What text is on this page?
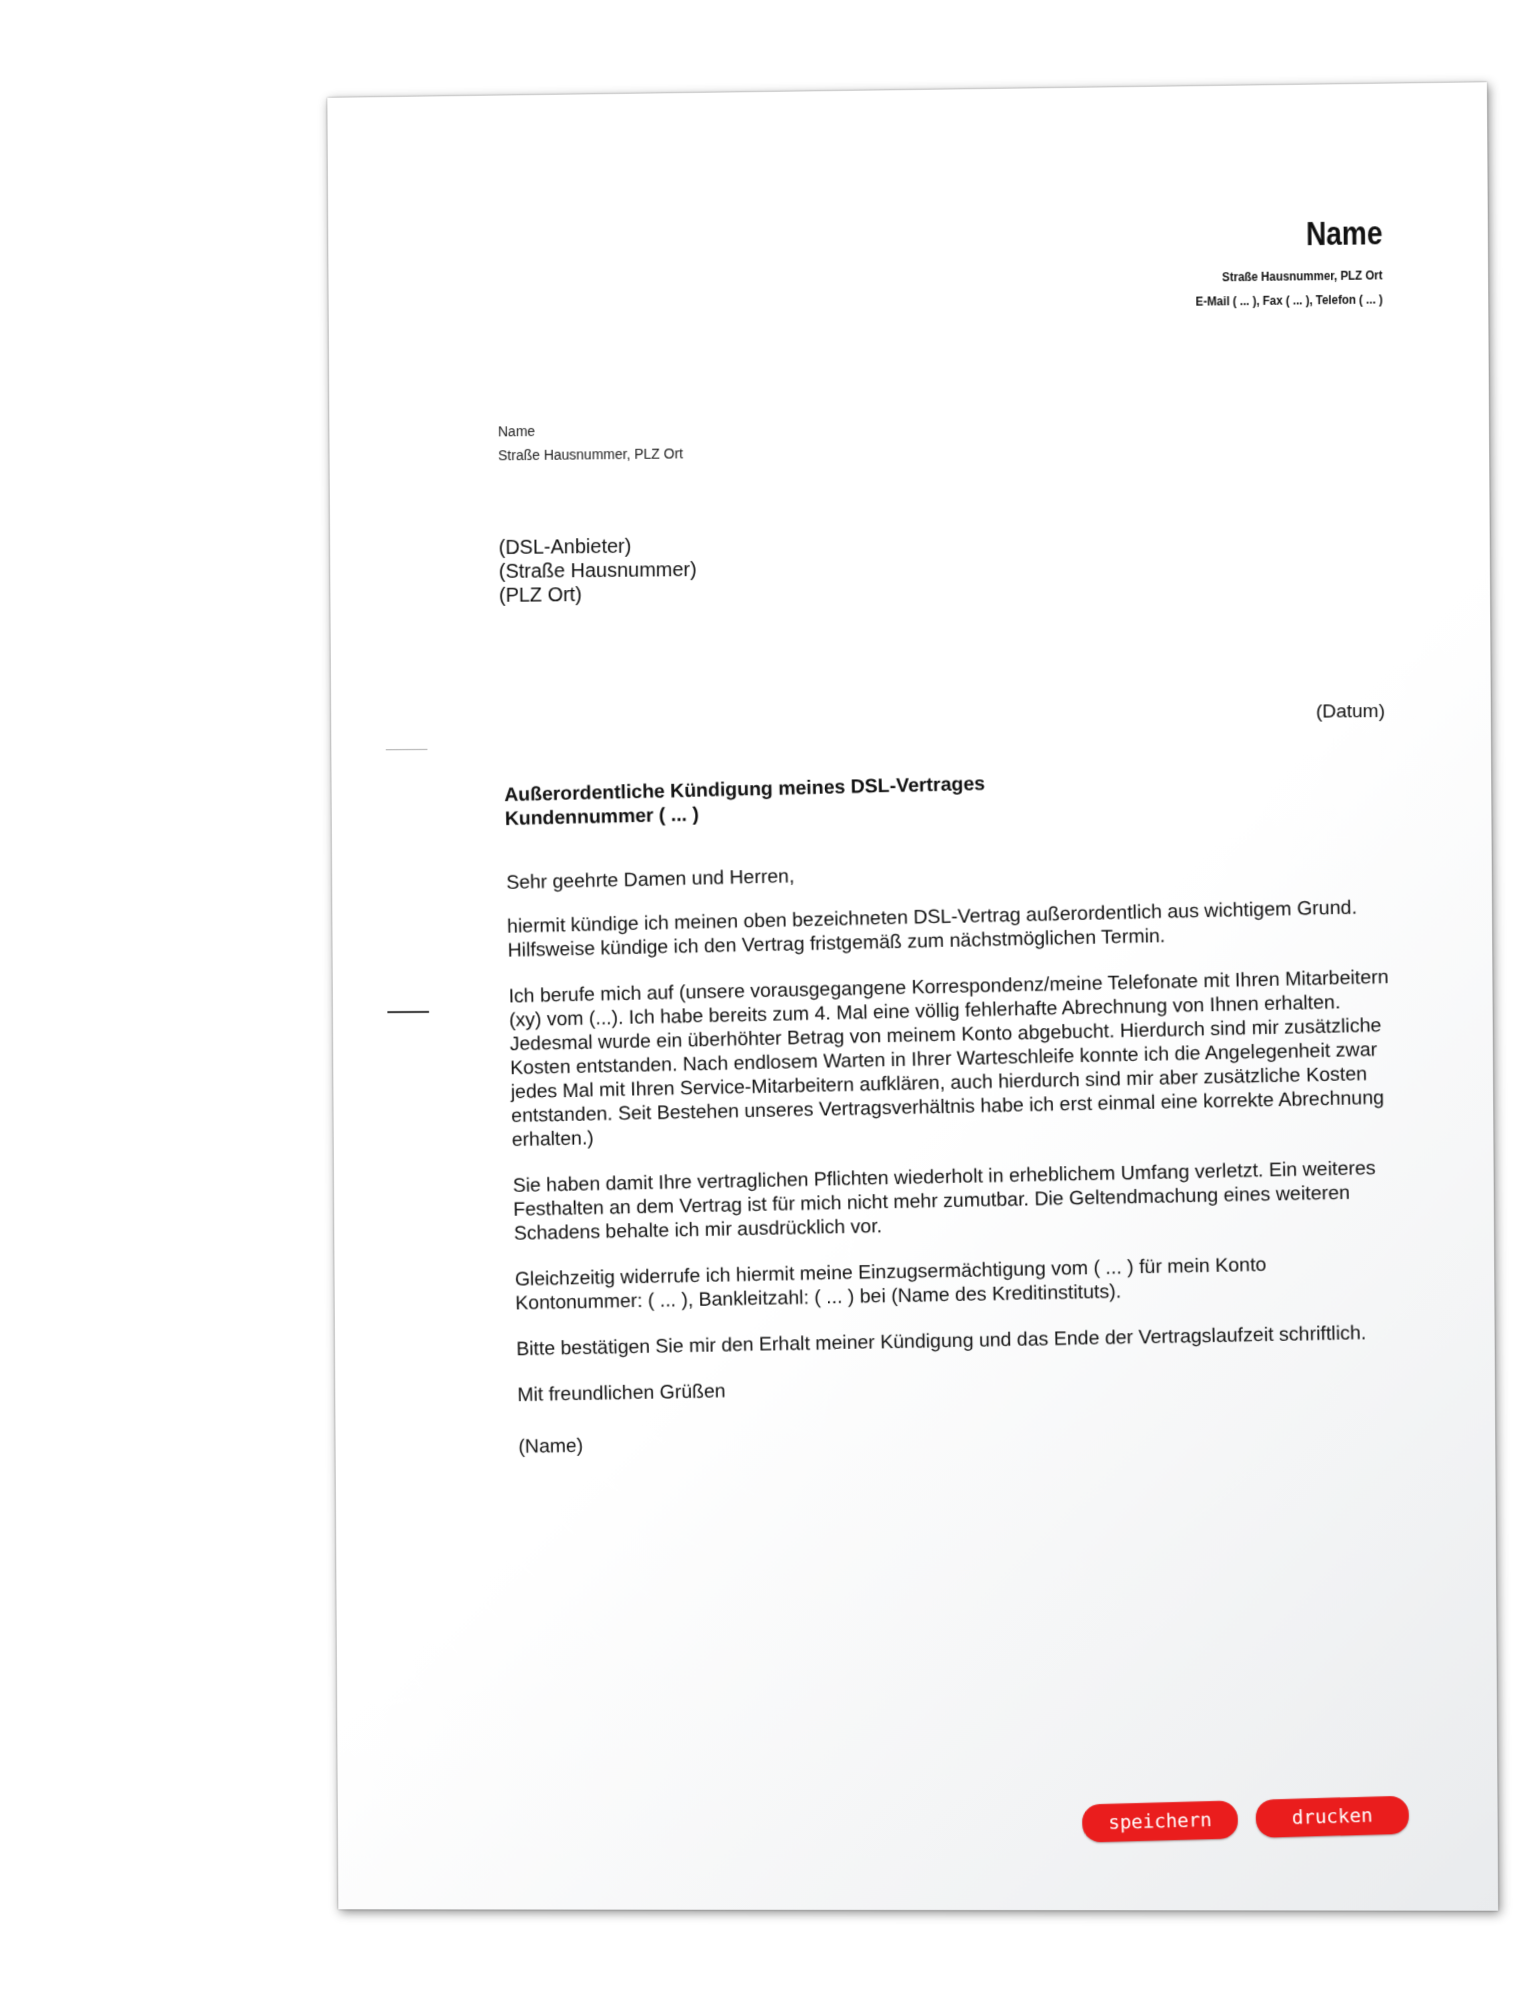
Name
Straße Hausnummer, PLZ Ort
E-Mail ( ... ), Fax ( ... ), Telefon ( ... )
Name
Straße Hausnummer, PLZ Ort
(DSL-Anbieter)
(Straße Hausnummer)
(PLZ Ort)
(Datum)
Außerordentliche Kündigung meines DSL-Vertrages
Kundennummer ( ... )

Sehr geehrte Damen und Herren,

hiermit kündige ich meinen oben bezeichneten DSL-Vertrag außerordentlich aus wichtigem Grund. Hilfsweise kündige ich den Vertrag fristgemäß zum nächstmöglichen Termin.

Ich berufe mich auf (unsere vorausgegangene Korrespondenz/meine Telefonate mit Ihren Mitarbeitern (xy) vom (...). Ich habe bereits zum 4. Mal eine völlig fehlerhafte Abrechnung von Ihnen erhalten. Jedesmal wurde ein überhöhter Betrag von meinem Konto abgebucht. Hierdurch sind mir zusätzliche Kosten entstanden. Nach endlosem Warten in Ihrer Warteschleife konnte ich die Angelegenheit zwar jedes Mal mit Ihren Service-Mitarbeitern aufklären, auch hierdurch sind mir aber zusätzliche Kosten entstanden. Seit Bestehen unseres Vertragsverhältnis habe ich erst einmal eine korrekte Abrechnung erhalten.)

Sie haben damit Ihre vertraglichen Pflichten wiederholt in erheblichem Umfang verletzt. Ein weiteres Festhalten an dem Vertrag ist für mich nicht mehr zumutbar. Die Geltendmachung eines weiteren Schadens behalte ich mir ausdrücklich vor.

Gleichzeitig widerrufe ich hiermit meine Einzugsermächtigung vom ( ... ) für mein Konto Kontonummer: ( ... ), Bankleitzahl: ( ... ) bei (Name des Kreditinstituts).

Bitte bestätigen Sie mir den Erhalt meiner Kündigung und das Ende der Vertragslaufzeit schriftlich.

Mit freundlichen Grüßen

(Name)

speichern	drucken
